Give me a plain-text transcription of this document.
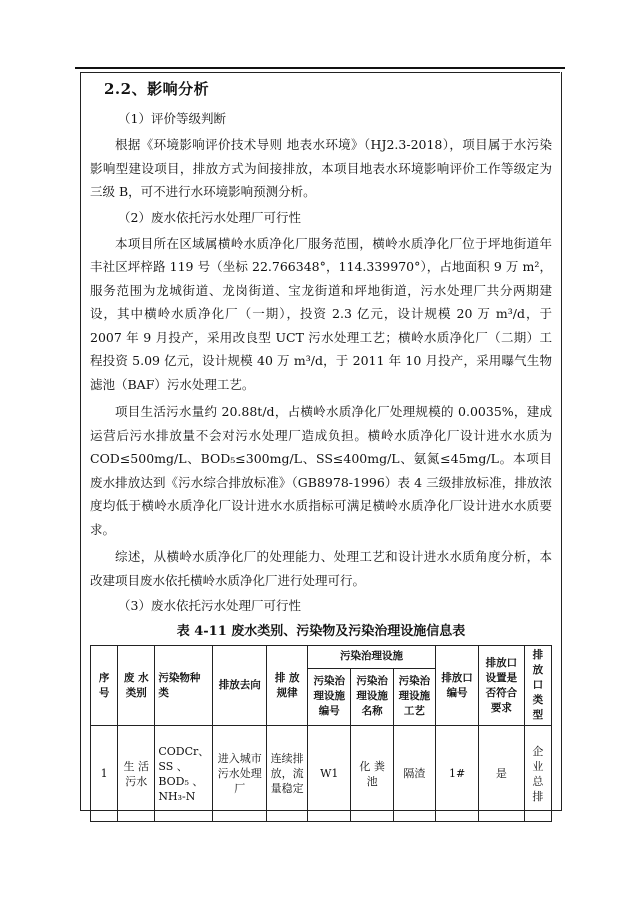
2.2、影响分析
（1）评价等级判断

根据《环境影响评价技术导则 地表水环境》（HJ2.3-2018），项目属于水污染影响型建设项目，排放方式为间接排放，本项目地表水环境影响评价工作等级定为三级 B，可不进行水环境影响预测分析。

（2）废水依托污水处理厂可行性

本项目所在区域属横岭水质净化厂服务范围，横岭水质净化厂位于坪地街道年丰社区坪梓路 119 号（坐标 22.766348°，114.339970°），占地面积 9 万 m²，服务范围为龙城街道、龙岗街道、宝龙街道和坪地街道，污水处理厂共分两期建设，其中横岭水质净化厂（一期），投资 2.3 亿元，设计规模 20 万 m³/d，于 2007 年 9 月投产，采用改良型 UCT 污水处理工艺；横岭水质净化厂（二期）工程投资 5.09 亿元，设计规模 40 万 m³/d，于 2011 年 10 月投产，采用曝气生物滤池（BAF）污水处理工艺。

项目生活污水量约 20.88t/d，占横岭水质净化厂处理规模的 0.0035%，建成运营后污水排放量不会对污水处理厂造成负担。横岭水质净化厂设计进水水质为 COD≤500mg/L、BOD₅≤300mg/L、SS≤400mg/L、氨氮≤45mg/L。本项目废水排放达到《污水综合排放标准》（GB8978-1996）表 4 三级排放标准，排放浓度均低于横岭水质净化厂设计进水水质指标可满足横岭水质净化厂设计进水水质要求。

综述，从横岭水质净化厂的处理能力、处理工艺和设计进水水质角度分析，本改建项目废水依托横岭水质净化厂进行处理可行。

（3）废水依托污水处理厂可行性
表 4-11 废水类别、污染物及污染治理设施信息表
序号	废 水类别	污染物种类	排放去向	排 放规律	污染治理设施			排放口编号	排放口设置是否符合要求	排放口类型
					污染治理设施编号	污染治理设施名称	污染治理设施工艺			
1	生 活污水	CODCr、SS 、BOD₅ 、NH₃-N	进入城市污水处理厂	连续排放，流量稳定	W1	化 粪池	隔渣	1#	是	企业总排
